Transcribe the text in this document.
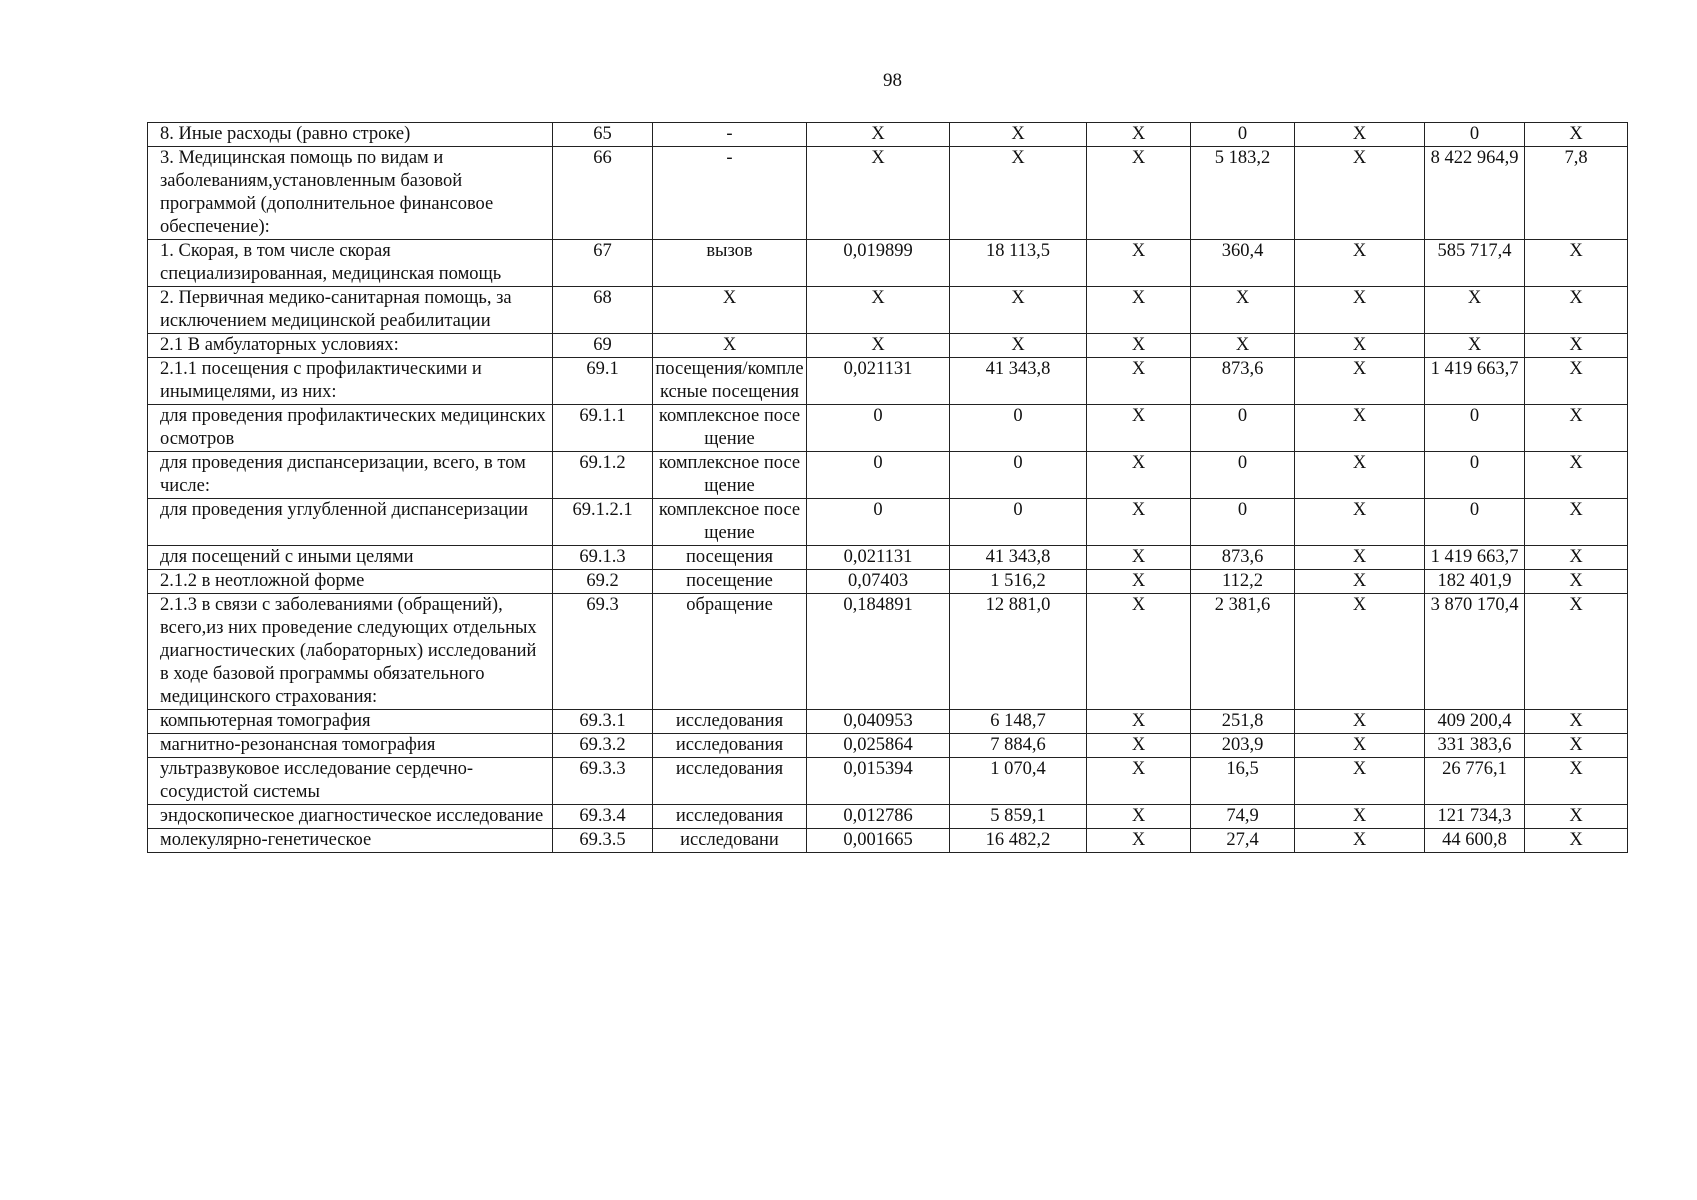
98
8. Иные расходы (равно строке)	65	-	X	X	X	0	X	0	X
3. Медицинская помощь по видам и заболеваниям,установленным базовой программой (дополнительное финансовое обеспечение):	66	-	X	X	X	5 183,2	X	8 422 964,9	7,8
1. Скорая, в том числе скорая специализированная, медицинская помощь	67	вызов	0,019899	18 113,5	X	360,4	X	585 717,4	X
2. Первичная медико-санитарная помощь, за исключением медицинской реабилитации	68	X	X	X	X	X	X	X	X
2.1 В амбулаторных условиях:	69	X	X	X	X	X	X	X	X
2.1.1 посещения с профилактическими и инымицелями, из них:	69.1	посещения/комплексные посещения	0,021131	41 343,8	X	873,6	X	1 419 663,7	X
для проведения профилактических медицинских осмотров	69.1.1	комплексное посещение	0	0	X	0	X	0	X
для проведения диспансеризации, всего, в том числе:	69.1.2	комплексное посещение	0	0	X	0	X	0	X
для проведения углубленной диспансеризации	69.1.2.1	комплексное посещение	0	0	X	0	X	0	X
для посещений с иными целями	69.1.3	посещения	0,021131	41 343,8	X	873,6	X	1 419 663,7	X
2.1.2 в неотложной форме	69.2	посещение	0,07403	1 516,2	X	112,2	X	182 401,9	X
2.1.3 в связи с заболеваниями (обращений), всего,из них проведение следующих отдельных диагностических (лабораторных) исследований в ходе базовой программы обязательного медицинского страхования:	69.3	обращение	0,184891	12 881,0	X	2 381,6	X	3 870 170,4	X
компьютерная томография	69.3.1	исследования	0,040953	6 148,7	X	251,8	X	409 200,4	X
магнитно-резонансная томография	69.3.2	исследования	0,025864	7 884,6	X	203,9	X	331 383,6	X
ультразвуковое исследование сердечно-сосудистой системы	69.3.3	исследования	0,015394	1 070,4	X	16,5	X	26 776,1	X
эндоскопическое диагностическое исследование	69.3.4	исследования	0,012786	5 859,1	X	74,9	X	121 734,3	X
молекулярно-генетическое	69.3.5	исследовани	0,001665	16 482,2	X	27,4	X	44 600,8	X
